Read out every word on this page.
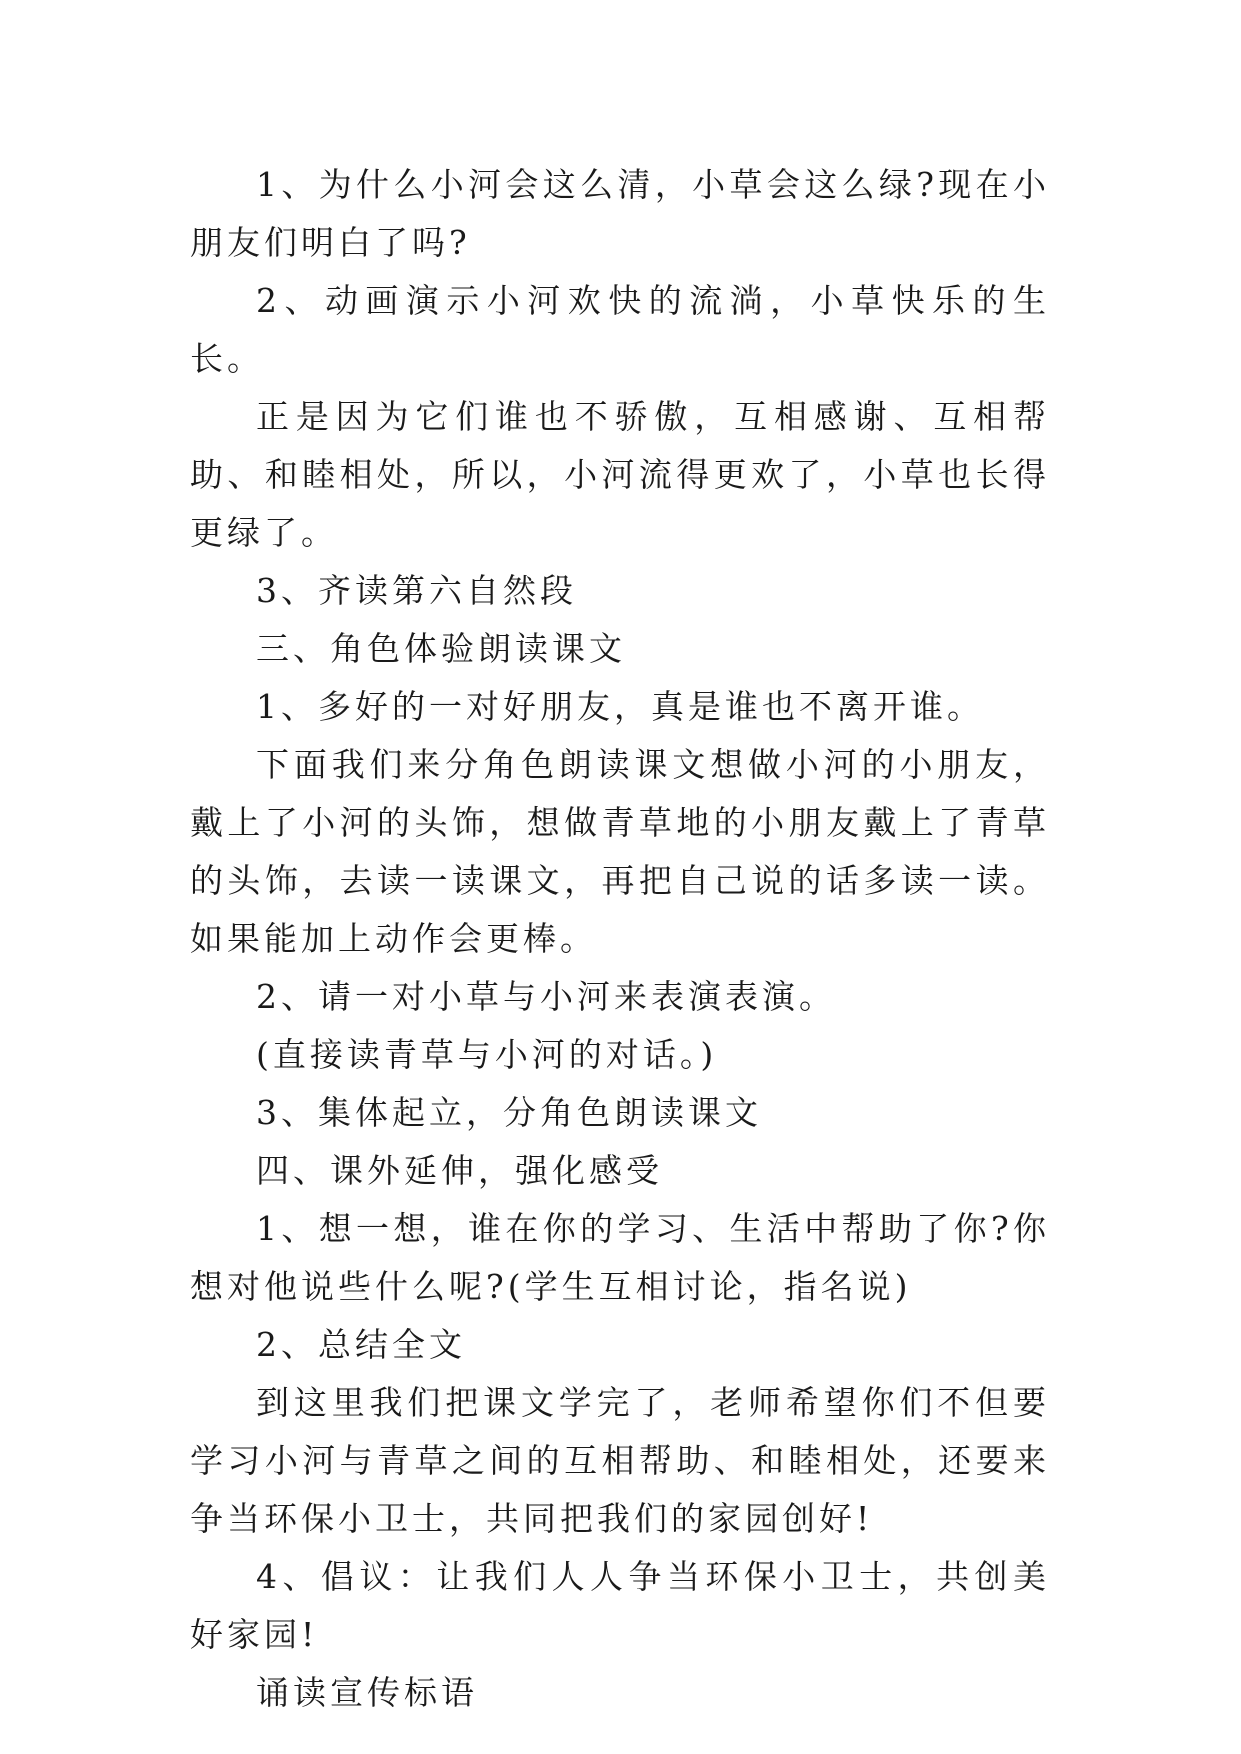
1、为什么小河会这么清，小草会这么绿?现在小朋友们明白了吗?

2、动画演示小河欢快的流淌，小草快乐的生长。

正是因为它们谁也不骄傲，互相感谢、互相帮助、和睦相处，所以，小河流得更欢了，小草也长得更绿了。

3、齐读第六自然段

三、角色体验朗读课文

1、多好的一对好朋友，真是谁也不离开谁。

下面我们来分角色朗读课文想做小河的小朋友，戴上了小河的头饰，想做青草地的小朋友戴上了青草的头饰，去读一读课文，再把自己说的话多读一读。如果能加上动作会更棒。

2、请一对小草与小河来表演表演。

(直接读青草与小河的对话。)

3、集体起立，分角色朗读课文

四、课外延伸，强化感受

1、想一想，谁在你的学习、生活中帮助了你?你想对他说些什么呢?(学生互相讨论，指名说)

2、总结全文

到这里我们把课文学完了，老师希望你们不但要学习小河与青草之间的互相帮助、和睦相处，还要来争当环保小卫士，共同把我们的家园创好!

4、倡议：让我们人人争当环保小卫士，共创美好家园!

诵读宣传标语
